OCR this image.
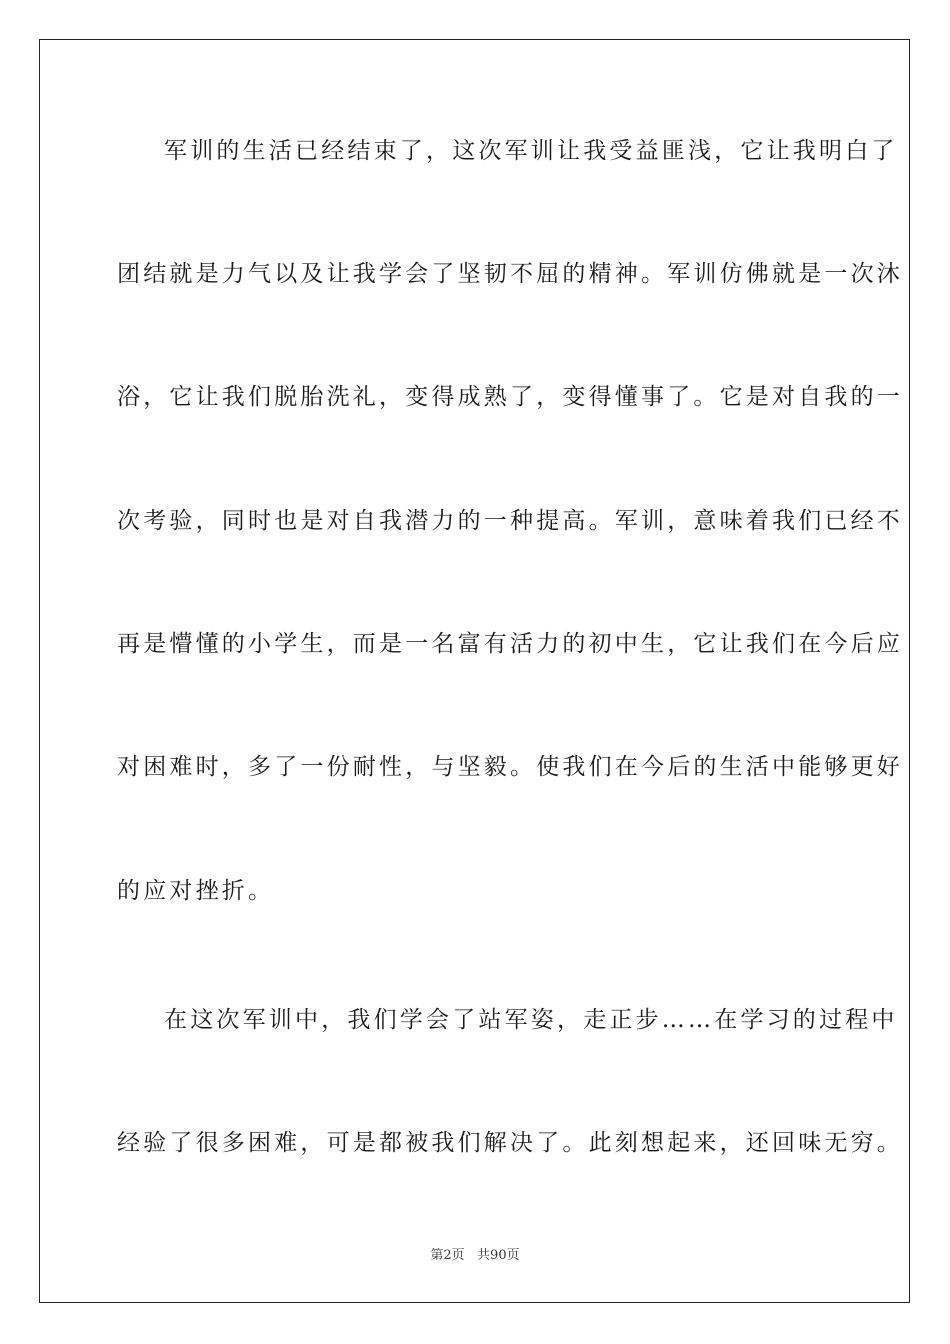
军训的生活已经结束了，这次军训让我受益匪浅，它让我明白了
团结就是力气以及让我学会了坚韧不屈的精神。军训仿佛就是一次沐
浴，它让我们脱胎洗礼，变得成熟了，变得懂事了。它是对自我的一
次考验，同时也是对自我潜力的一种提高。军训，意味着我们已经不
再是懵懂的小学生，而是一名富有活力的初中生，它让我们在今后应
对困难时，多了一份耐性，与坚毅。使我们在今后的生活中能够更好
的应对挫折。
在这次军训中，我们学会了站军姿，走正步……在学习的过程中
经验了很多困难，可是都被我们解决了。此刻想起来，还回味无穷。
第2页   共90页
